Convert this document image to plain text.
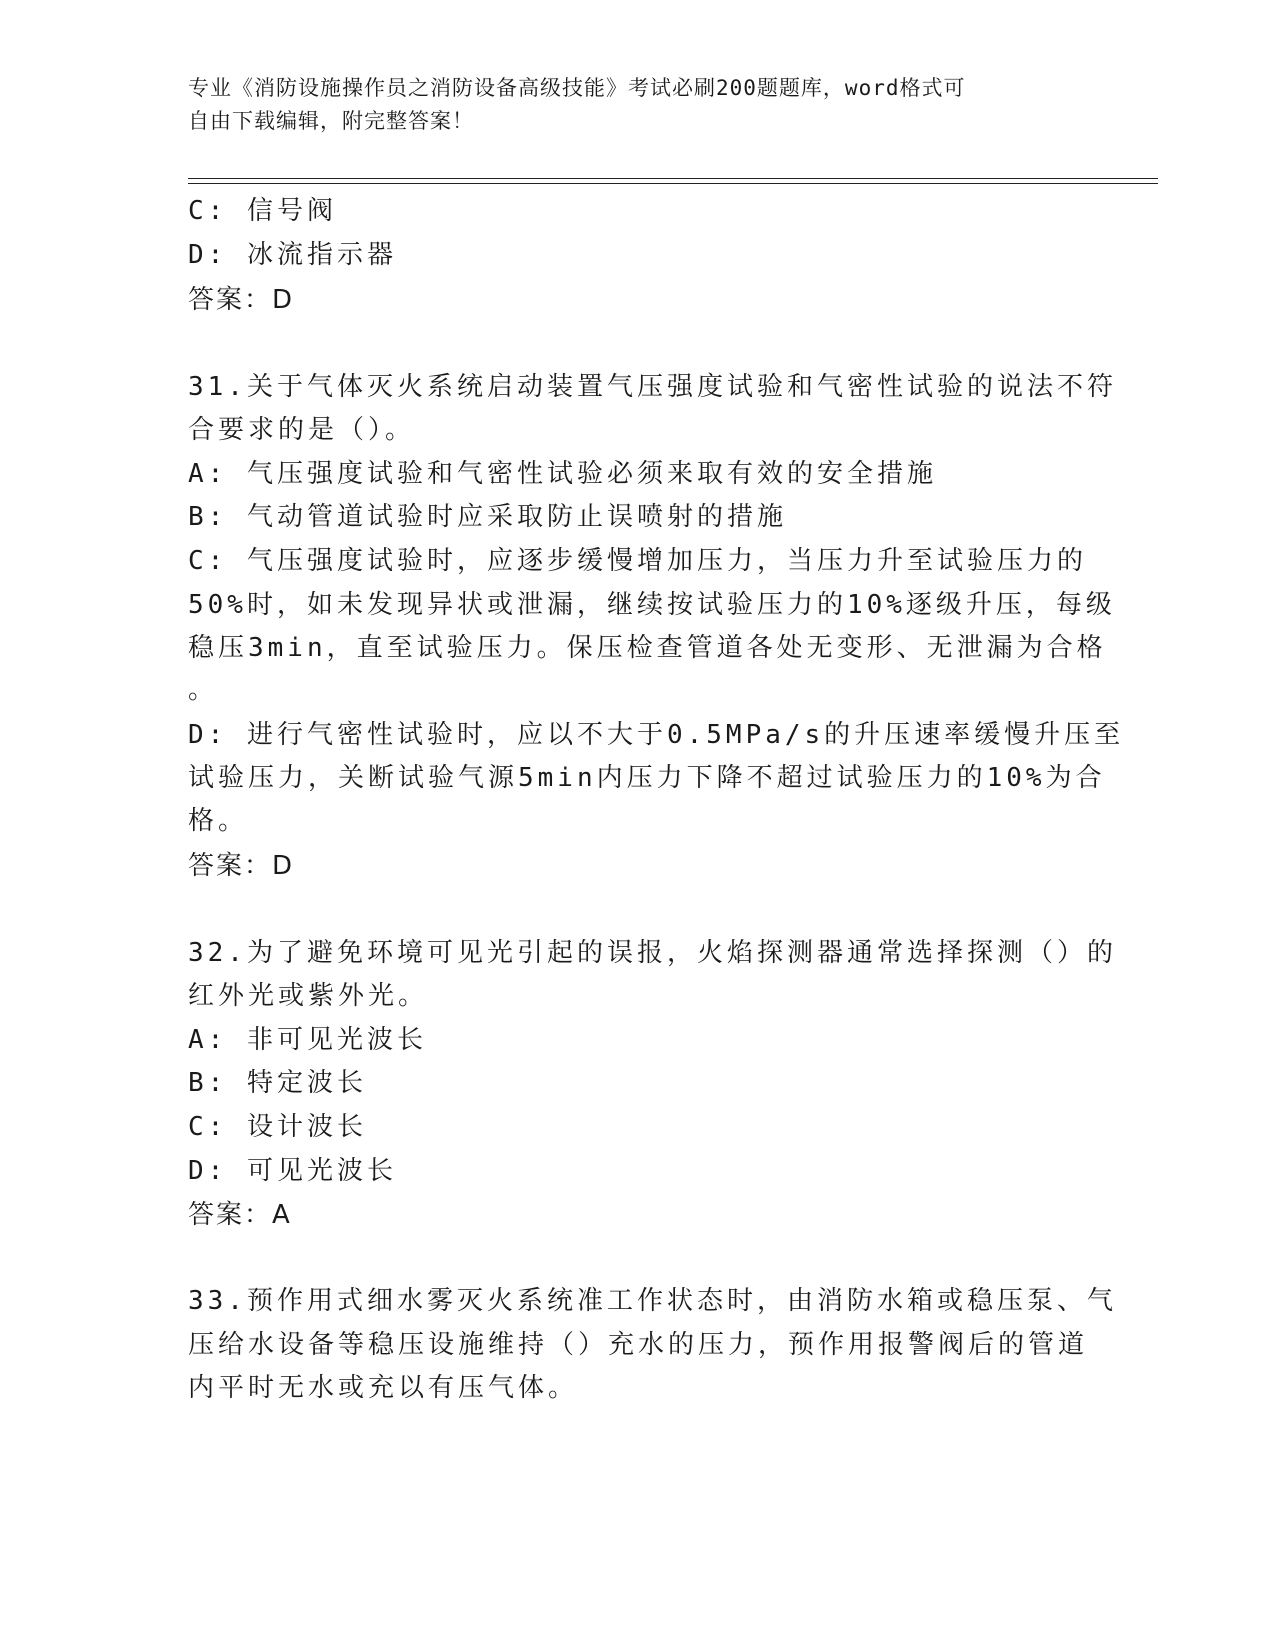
专业《消防设施操作员之消防设备高级技能》考试必刷200题题库，word格式可
自由下载编辑，附完整答案！
C: 信号阀
D: 冰流指示器
答案：D
31.关于气体灭火系统启动装置气压强度试验和气密性试验的说法不符
合要求的是（）。
A: 气压强度试验和气密性试验必须来取有效的安全措施
B: 气动管道试验时应采取防止误喷射的措施
C: 气压强度试验时，应逐步缓慢增加压力，当压力升至试验压力的
50%时，如未发现异状或泄漏，继续按试验压力的10%逐级升压，每级
稳压3min，直至试验压力。保压检查管道各处无变形、无泄漏为合格
。
D: 进行气密性试验时，应以不大于0.5MPa/s的升压速率缓慢升压至
试验压力，关断试验气源5min内压力下降不超过试验压力的10%为合
格。
答案：D
32.为了避免环境可见光引起的误报，火焰探测器通常选择探测（）的
红外光或紫外光。
A: 非可见光波长
B: 特定波长
C: 设计波长
D: 可见光波长
答案：A
33.预作用式细水雾灭火系统准工作状态时，由消防水箱或稳压泵、气
压给水设备等稳压设施维持（）充水的压力，预作用报警阀后的管道
内平时无水或充以有压气体。
